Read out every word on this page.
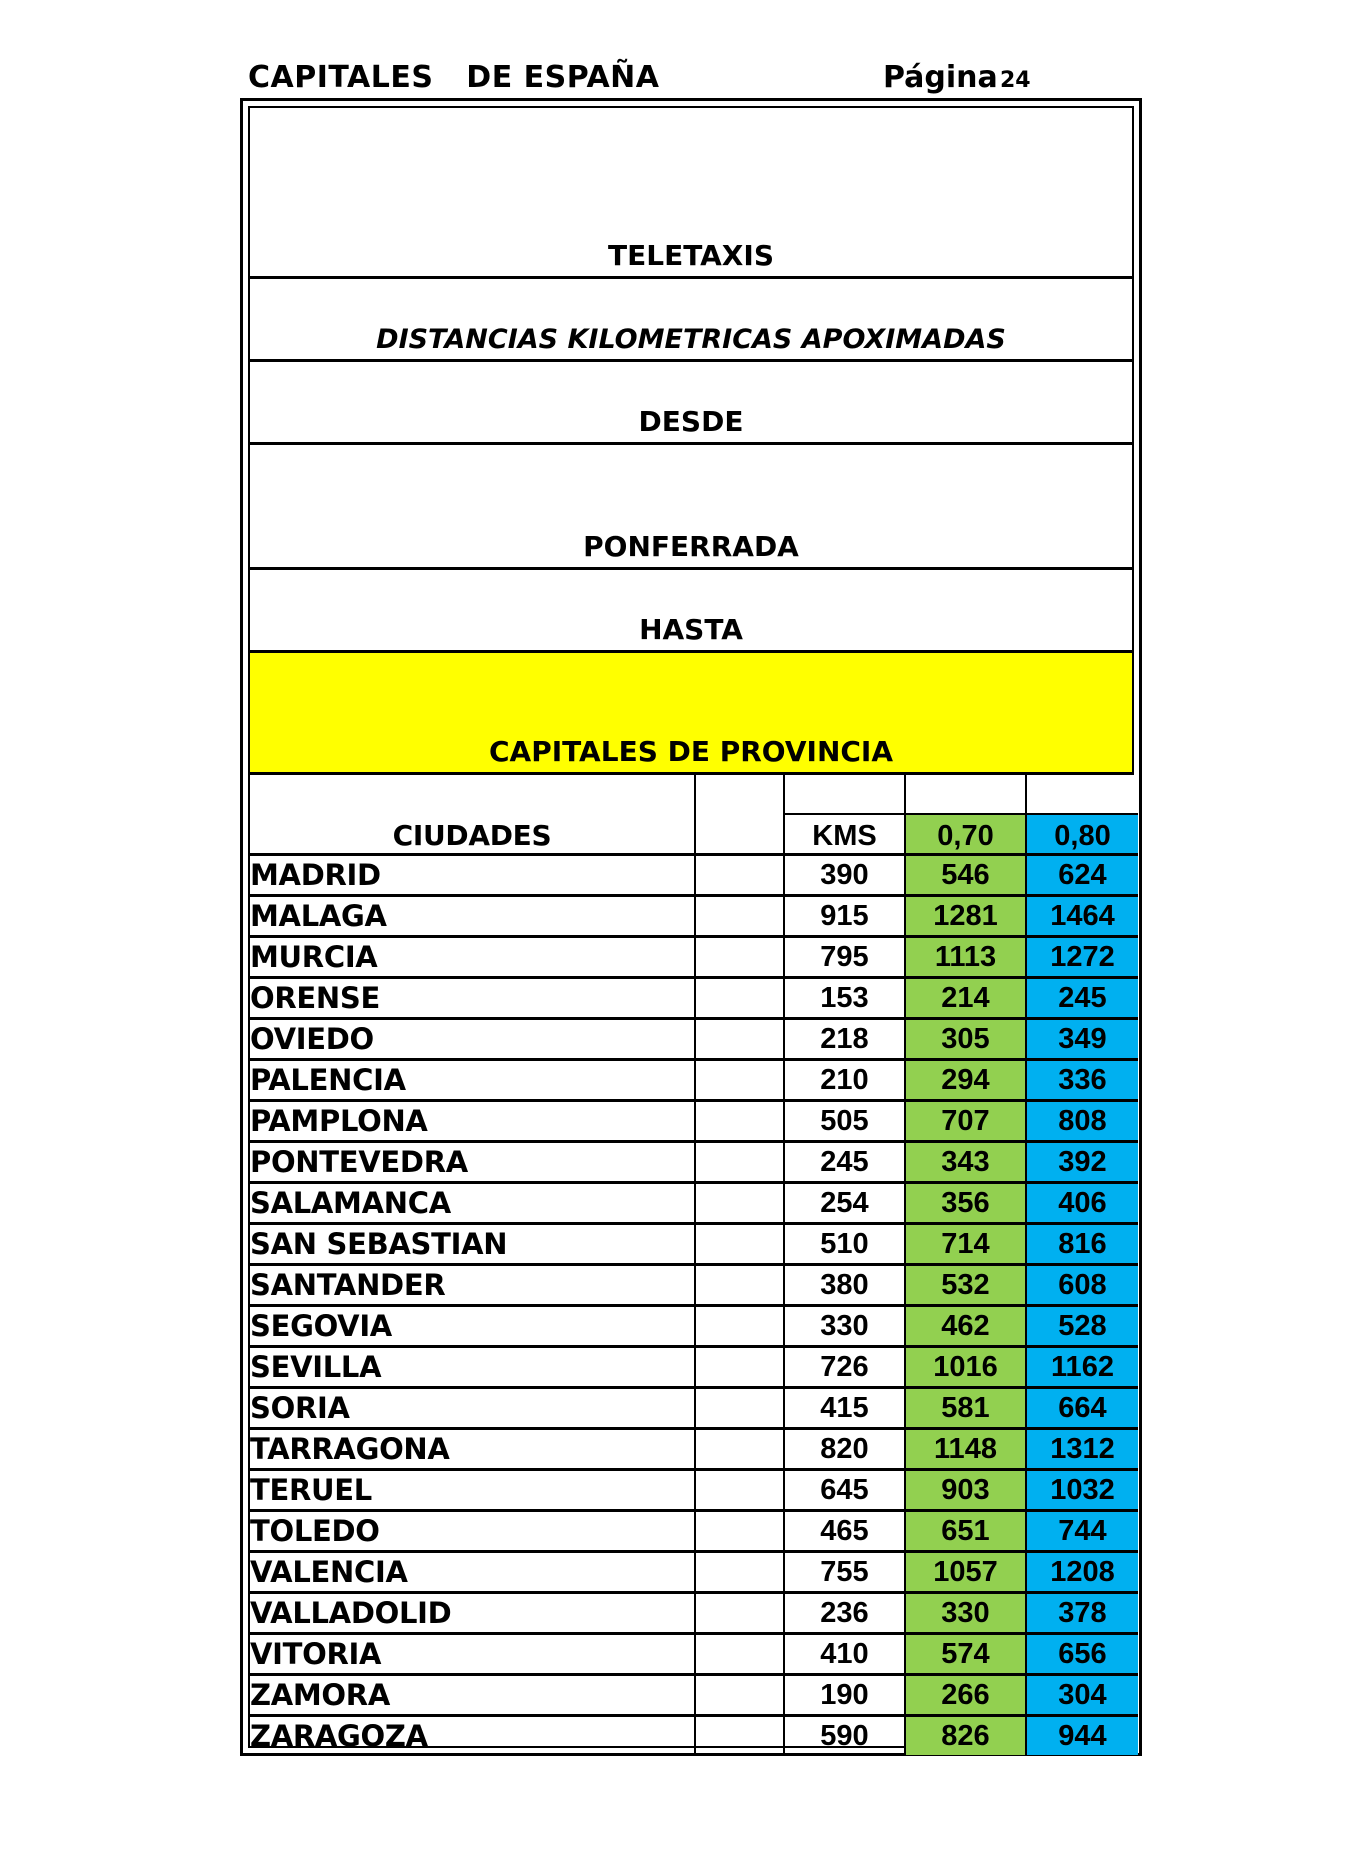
CAPITALES   DE ESPAÑA	Página 24
TELETAXIS
DISTANCIAS KILOMETRICAS APOXIMADAS
DESDE
PONFERRADA
HASTA
CAPITALES DE PROVINCIA
CIUDADES		KMS	0,70	0,80
MADRID		390	546	624
MALAGA		915	1281	1464
MURCIA		795	1113	1272
ORENSE		153	214	245
OVIEDO		218	305	349
PALENCIA		210	294	336
PAMPLONA		505	707	808
PONTEVEDRA		245	343	392
SALAMANCA		254	356	406
SAN SEBASTIAN		510	714	816
SANTANDER		380	532	608
SEGOVIA		330	462	528
SEVILLA		726	1016	1162
SORIA		415	581	664
TARRAGONA		820	1148	1312
TERUEL		645	903	1032
TOLEDO		465	651	744
VALENCIA		755	1057	1208
VALLADOLID		236	330	378
VITORIA		410	574	656
ZAMORA		190	266	304
ZARAGOZA		590	826	944
